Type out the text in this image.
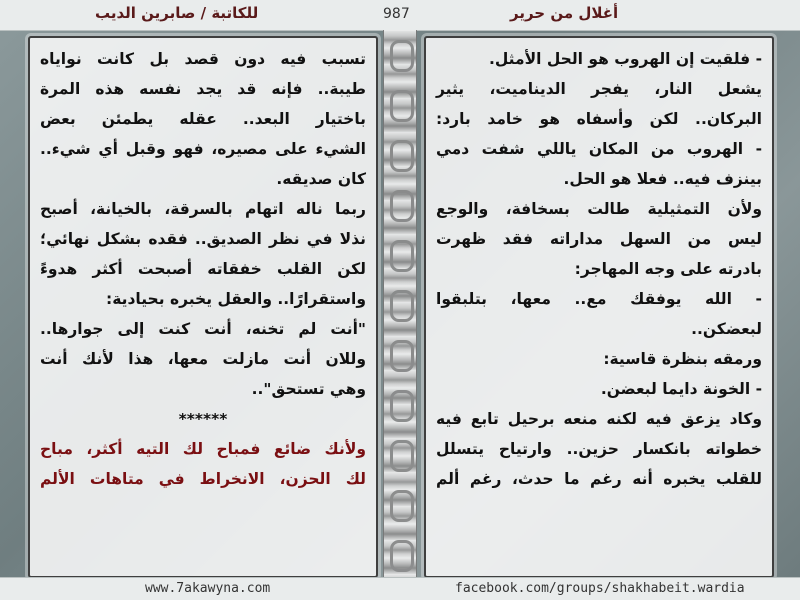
للكاتبة / صابرين الديب	987	أغلال من حرير
تسبب فيه دون قصد بل كانت نواياه
طيبة.. فإنه قد يجد نفسه هذه المرة
باختيار البعد.. عقله يطمئن بعض
الشيء على مصيره، فهو وقبل أي شيء..
كان صديقه.
ربما ناله اتهام بالسرقة، بالخيانة، أصبح
نذلا في نظر الصديق.. فقده بشكل نهائي؛
لكن القلب خفقاته أصبحت أكثر هدوءً
واستقرارًا.. والعقل يخبره بحيادية:
"أنت لم تخنه، أنت كنت إلى جوارها..
وللان أنت مازلت معها، هذا لأنك أنت
وهي تستحق"..
******
ولأنك ضائع فمباح لك التيه أكثر، مباح
لك الحزن، الانخراط في متاهات الألم
- فلقيت إن الهروب هو الحل الأمثل.
يشعل النار، يفجر الديناميت، يثير
البركان.. لكن وأسفاه هو خامد بارد:
- الهروب من المكان ياللي شفت دمي
بينزف فيه.. فعلا هو الحل.
ولأن التمثيلية طالت بسخافة، والوجع
ليس من السهل مداراته فقد ظهرت
بادرته على وجه المهاجر:
- الله يوفقك مع.. معها، بتلبقوا
لبعضكن..
ورمقه بنظرة قاسية:
- الخونة دايما لبعضن.
وكاد يزعق فيه لكنه منعه برحيل تابع فيه
خطواته بانكسار حزين.. وارتياح يتسلل
للقلب يخبره أنه رغم ما حدث، رغم ألم
www.7akawyna.com	facebook.com/groups/shakhabeit.wardia
